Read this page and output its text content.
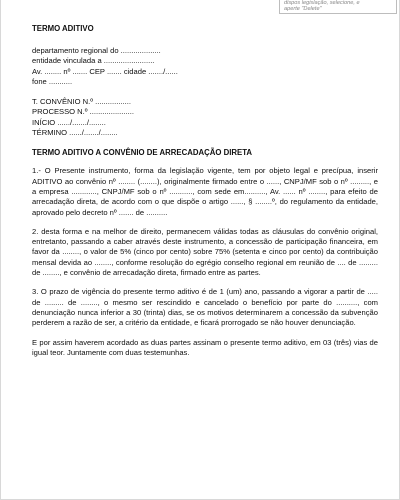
dispos legislação, selecione, e
aperte "Delete"
TERMO ADITIVO
departamento regional do ...................
entidade vinculada a ........................
Av. ........ nº ....... CEP ....... cidade ......./......
fone ...........
T. CONVÊNIO N.º .................
PROCESSO N.º .....................
INÍCIO ....../......./........
TÉRMINO ....../......./........
TERMO ADITIVO A CONVÊNIO DE ARRECADAÇÃO DIRETA

1.- O Presente instrumento, forma da legislação vigente, tem por objeto legal e precípua, inserir ADITIVO ao convênio nº ........ (........), originalmente firmado entre o ......, CNPJ/MF sob o nº ........., e a empresa ............, CNPJ/MF sob o nº ..........., com sede em.........., Av. ...... nº ........, para efeito de arrecadação direta, de acordo com o que dispõe o artigo ......, § ........º, do regulamento da entidade, aprovado pelo decreto nº ....... de ..........

2. desta forma e na melhor de direito, permanecem válidas todas as cláusulas do convênio original, entretanto, passando a caber através deste instrumento, a concessão de participação financeira, em favor da ........, o valor de 5% (cinco por cento) sobre 75% (setenta e cinco por cento) da contribuição mensal devida ao ........, conforme resolução do egrégio conselho regional em reunião de .... de ......... de ........, e convênio de arrecadação direta, firmado entre as partes.

3. O prazo de vigência do presente termo aditivo é de 1 (um) ano, passando a vigorar a partir de ..... de ......... de ........, o mesmo ser rescindido e cancelado o benefício por parte do .........., com denunciação nunca inferior a 30 (trinta) dias, se os motivos determinarem a concessão da subvenção perderem a razão de ser, a critério da entidade, e ficará prorrogado se não houver denunciação.

E por assim haverem acordado as duas partes assinam o presente termo aditivo, em 03 (três) vias de igual teor. Juntamente com duas testemunhas.
